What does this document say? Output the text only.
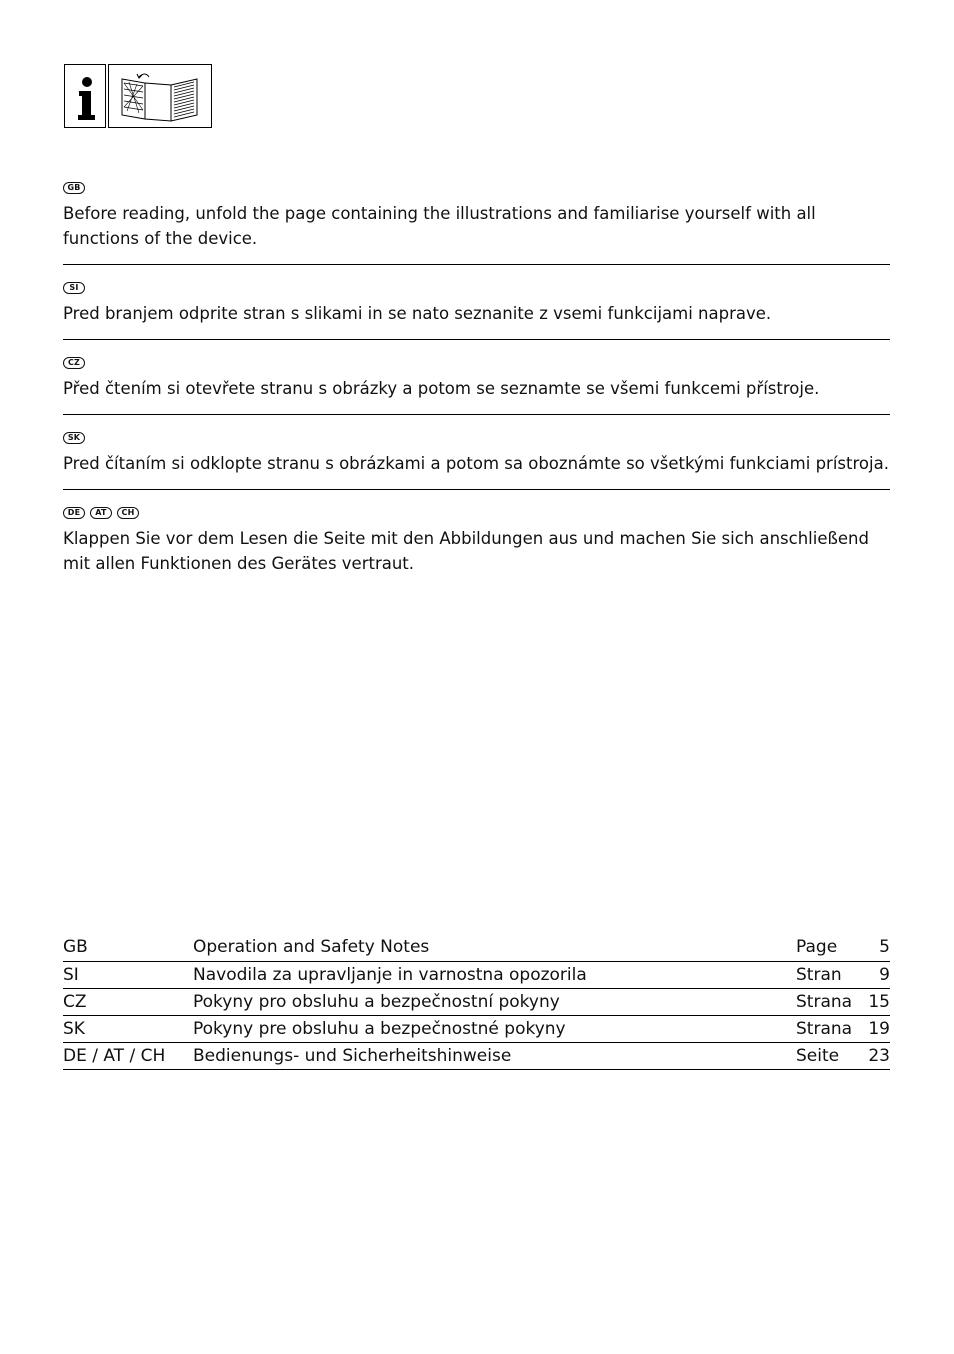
GB

Before reading, unfold the page containing the illustrations and familiarise yourself with all functions of the device.

SI

Pred branjem odprite stran s slikami in se nato seznanite z vsemi funkcijami naprave.

CZ

Před čtením si otevřete stranu s obrázky a potom se seznamte se všemi funkcemi přístroje.

SK

Pred čítaním si odklopte stranu s obrázkami a potom sa oboznámte so všetkými funkciami prístroja.

DE	AT	CH

Klappen Sie vor dem Lesen die Seite mit den Abbildungen aus und machen Sie sich anschließend mit allen Funktionen des Gerätes vertraut.

GB	Operation and Safety Notes	Page	5
SI	Navodila za upravljanje in varnostna opozorila	Stran	9
CZ	Pokyny pro obsluhu a bezpečnostní pokyny	Strana 15
SK	Pokyny pre obsluhu a bezpečnostné pokyny	Strana 19
DE / AT / CH	Bedienungs- und Sicherheitshinweise	Seite	23
